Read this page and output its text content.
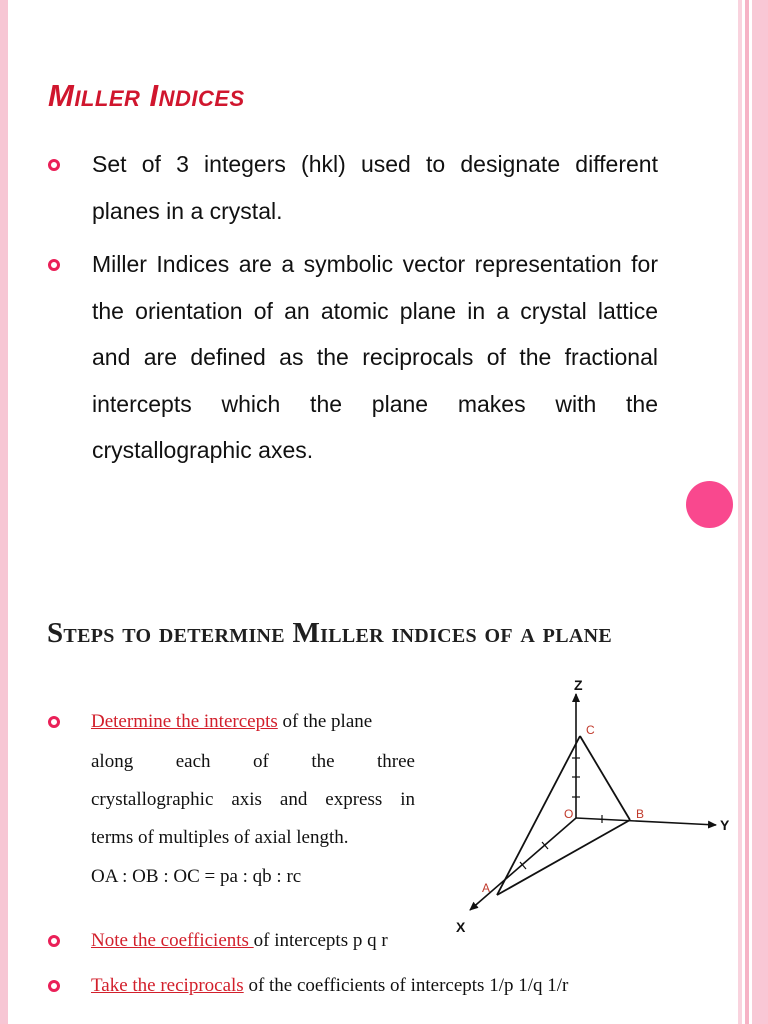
Miller Indices

Set of 3 integers (hkl) used to designate different planes in a crystal.

Miller Indices are a symbolic vector representation for the orientation of an atomic plane in a crystal lattice and are defined as the reciprocals of the fractional intercepts which the plane makes with the crystallographic axes.

Steps to determine Miller indices of a plane

Determine the intercepts of the plane

along each of the three

crystallographic axis and express in

terms of multiples of axial length.

OA : OB : OC = pa : qb : rc

Note the coefficients of intercepts p q r

Take the reciprocals of the coefficients of intercepts 1/p 1/q 1/r

Z
Y
X
O
A
B
C
